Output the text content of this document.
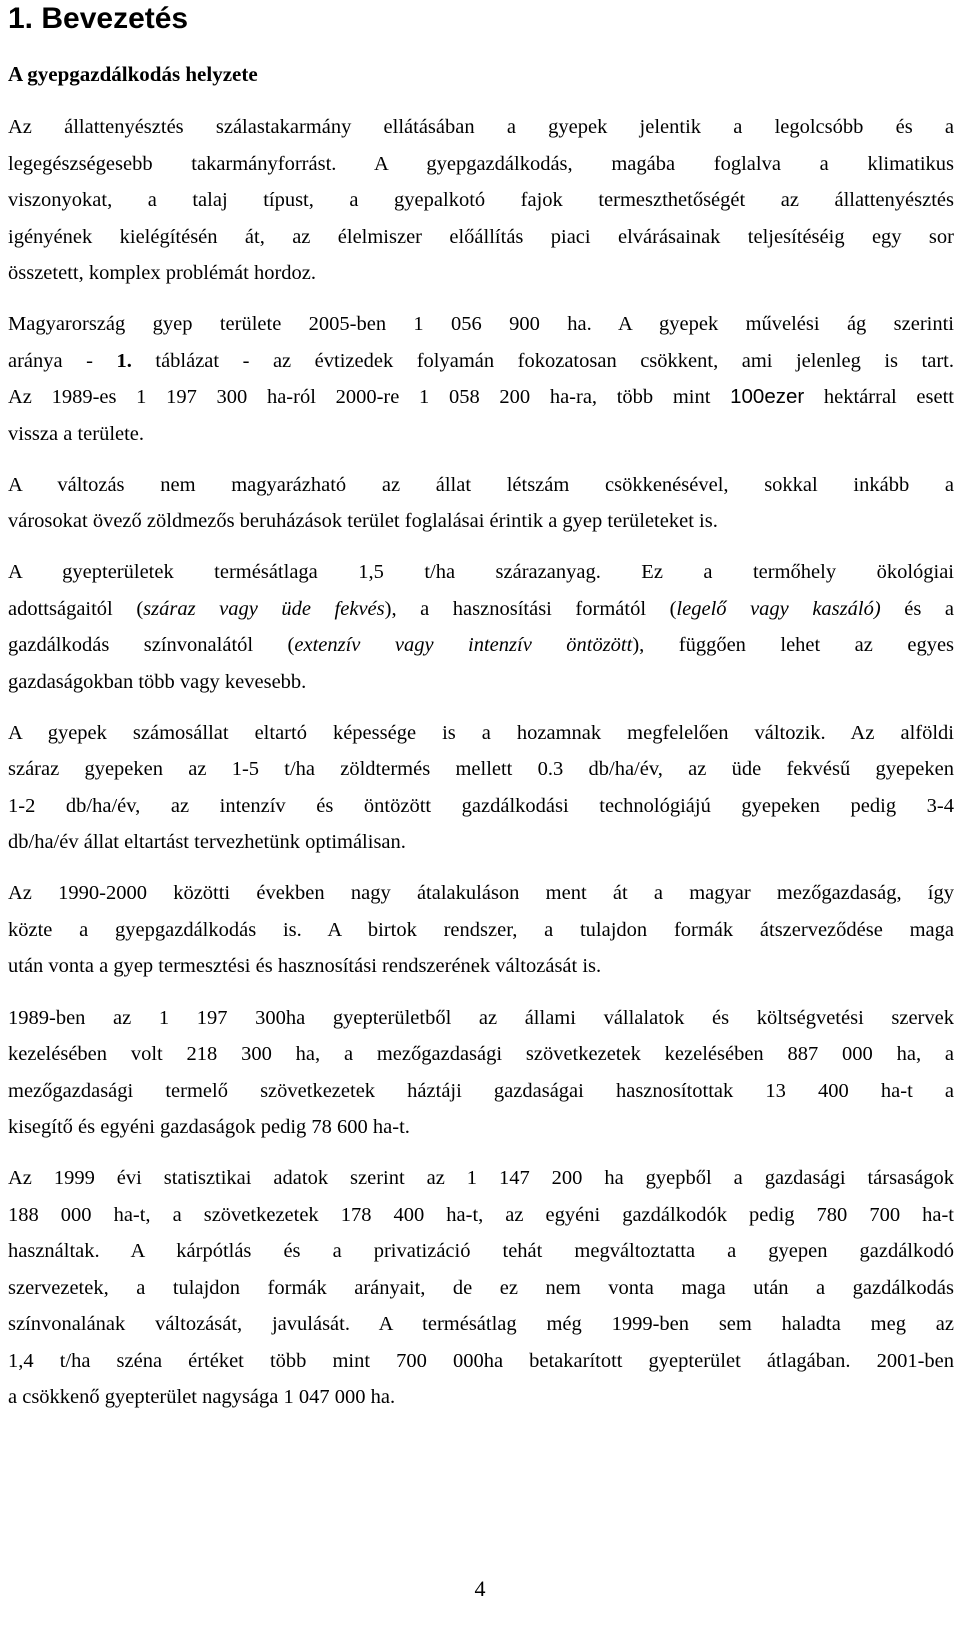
1. Bevezetés
A gyepgazdálkodás helyzete

Az állattenyésztés szálastakarmány ellátásában a gyepek jelentik a legolcsóbb és a
legegészségesebb takarmányforrást. A gyepgazdálkodás, magába foglalva a klimatikus
viszonyokat, a talaj típust, a gyepalkotó fajok termeszthetőségét az állattenyésztés
igényének kielégítésén át, az élelmiszer előállítás piaci elvárásainak teljesítéséig egy sor
összetett, komplex problémát hordoz.

Magyarország gyep területe 2005-ben 1 056 900 ha. A gyepek művelési ág szerinti
aránya - 1. táblázat - az évtizedek folyamán fokozatosan csökkent, ami jelenleg is tart.
Az 1989-es 1 197 300 ha-ról 2000-re 1 058 200 ha-ra, több mint 100ezer hektárral esett
vissza a területe.

A változás nem magyarázható az állat létszám csökkenésével, sokkal inkább a
városokat övező zöldmezős beruházások terület foglalásai érintik a gyep területeket is.

A gyepterületek termésátlaga 1,5 t/ha szárazanyag. Ez a termőhely ökológiai
adottságaitól (száraz vagy üde fekvés), a hasznosítási formától (legelő vagy kaszáló) és a
gazdálkodás színvonalától (extenzív vagy intenzív öntözött), függően lehet az egyes
gazdaságokban több vagy kevesebb.

A gyepek számosállat eltartó képessége is a hozamnak megfelelően változik. Az alföldi
száraz gyepeken az 1-5 t/ha zöldtermés mellett 0.3 db/ha/év, az üde fekvésű gyepeken
1-2 db/ha/év, az intenzív és öntözött gazdálkodási technológiájú gyepeken pedig 3-4
db/ha/év állat eltartást tervezhetünk optimálisan.

Az 1990-2000 közötti években nagy átalakuláson ment át a magyar mezőgazdaság, így
közte a gyepgazdálkodás is. A birtok rendszer, a tulajdon formák átszerveződése maga
után vonta a gyep termesztési és hasznosítási rendszerének változását is.

1989-ben az 1 197 300ha gyepterületből az állami vállalatok és költségvetési szervek
kezelésében volt 218 300 ha, a mezőgazdasági szövetkezetek kezelésében 887 000 ha, a
mezőgazdasági termelő szövetkezetek háztáji gazdaságai hasznosítottak 13 400 ha-t a
kisegítő és egyéni gazdaságok pedig 78 600 ha-t.

Az 1999 évi statisztikai adatok szerint az 1 147 200 ha gyepből a gazdasági társaságok
188 000 ha-t, a szövetkezetek 178 400 ha-t, az egyéni gazdálkodók pedig 780 700 ha-t
használtak. A kárpótlás és a privatizáció tehát megváltoztatta a gyepen gazdálkodó
szervezetek, a tulajdon formák arányait, de ez nem vonta maga után a gazdálkodás
színvonalának változását, javulását. A termésátlag még 1999-ben sem haladta meg az
1,4 t/ha széna értéket több mint 700 000ha betakarított gyepterület átlagában. 2001-ben
a csökkenő gyepterület nagysága 1 047 000 ha.

4
